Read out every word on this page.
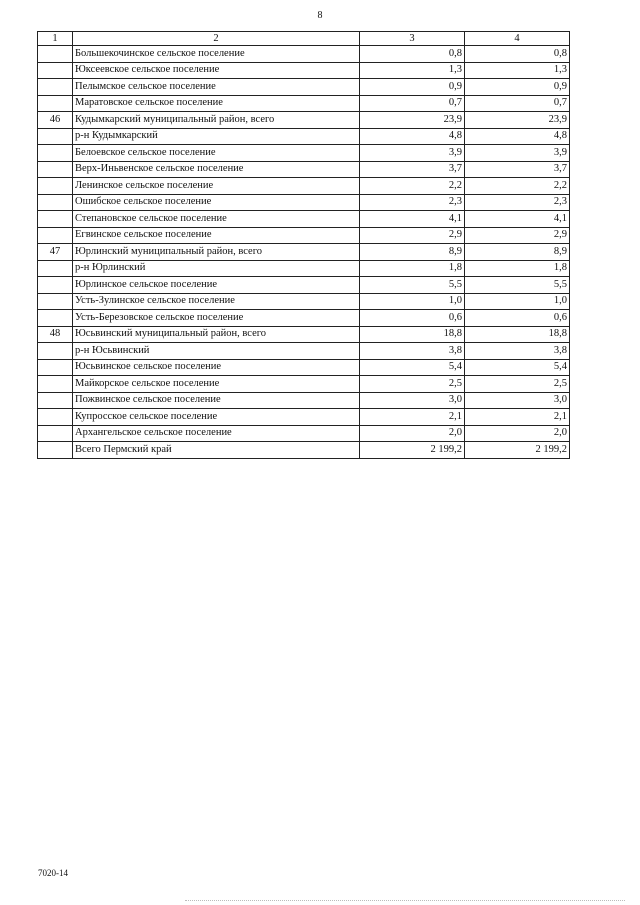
8
1	2	3	4
	Большекочинское сельское поселение	0,8	0,8
	Юксеевское сельское поселение	1,3	1,3
	Пелымское сельское поселение	0,9	0,9
	Маратовское сельское поселение	0,7	0,7
46	Кудымкарский муниципальный район, всего	23,9	23,9
	р-н Кудымкарский	4,8	4,8
	Белоевское сельское поселение	3,9	3,9
	Верх-Иньвенское сельское поселение	3,7	3,7
	Ленинское сельское поселение	2,2	2,2
	Ошибское сельское поселение	2,3	2,3
	Степановское сельское поселение	4,1	4,1
	Егвинское сельское поселение	2,9	2,9
47	Юрлинский муниципальный район, всего	8,9	8,9
	р-н Юрлинский	1,8	1,8
	Юрлинское сельское поселение	5,5	5,5
	Усть-Зулинское сельское поселение	1,0	1,0
	Усть-Березовское сельское поселение	0,6	0,6
48	Юсьвинский муниципальный район, всего	18,8	18,8
	р-н Юсьвинский	3,8	3,8
	Юсьвинское сельское поселение	5,4	5,4
	Майкорское сельское поселение	2,5	2,5
	Пожвинское сельское поселение	3,0	3,0
	Купросское сельское поселение	2,1	2,1
	Архангельское сельское поселение	2,0	2,0
	Всего Пермский край	2 199,2	2 199,2
7020-14
